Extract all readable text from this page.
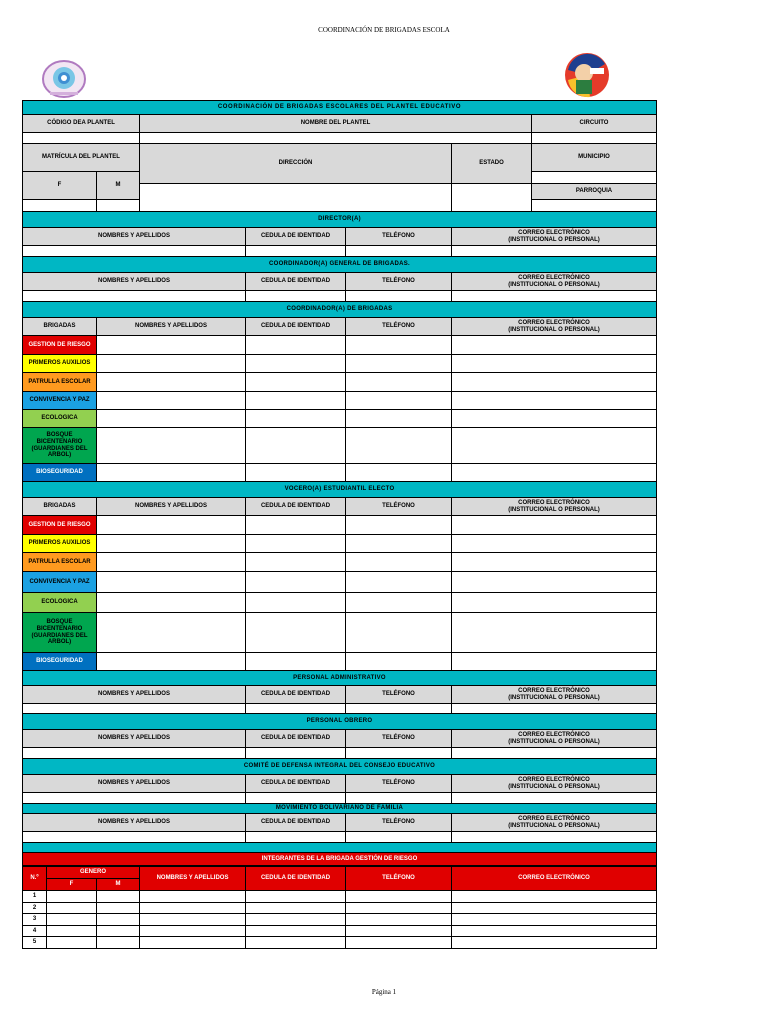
COORDINACIÓN DE BRIGADAS ESCOLA
COORDINACIÓN DE BRIGADAS ESCOLARES DEL PLANTEL EDUCATIVO						
CÓDIGO DEA PLANTEL		NOMBRE DEL PLANTEL				CIRCUITO

MATRÍCULA DEL PLANTEL		DIRECCIÓN			ESTADO	MUNICIPIO
F	M					
						PARROQUIA

DIRECTOR(A)						
NOMBRES Y APELLIDOS			CEDULA DE IDENTIDAD	TELÉFONO	CORREO ELECTRÓNICO
(INSTITUCIONAL O PERSONAL)	

COORDINADOR(A) GENERAL DE BRIGADAS.						
NOMBRES Y APELLIDOS			CEDULA DE IDENTIDAD	TELÉFONO	CORREO ELECTRÓNICO
(INSTITUCIONAL O PERSONAL)	

COORDINADOR(A) DE BRIGADAS						
BRIGADAS	NOMBRES Y APELLIDOS		CEDULA DE IDENTIDAD	TELÉFONO	CORREO ELECTRÓNICO
(INSTITUCIONAL O PERSONAL)	
GESTION DE RIESGO						
PRIMEROS AUXILIOS						
PATRULLA ESCOLAR						
CONVIVENCIA Y PAZ						
ECOLOGICA						
BOSQUE BICENTENARIO (GUARDIANES DEL ARBOL)						
BIOSEGURIDAD						
VOCERO(A) ESTUDIANTIL ELECTO						
BRIGADAS	NOMBRES Y APELLIDOS		CEDULA DE IDENTIDAD	TELÉFONO	CORREO ELECTRÓNICO
(INSTITUCIONAL O PERSONAL)	
GESTION DE RIESGO						
PRIMEROS AUXILIOS						
PATRULLA ESCOLAR						
CONVIVENCIA Y PAZ						
ECOLOGICA						
BOSQUE BICENTENARIO (GUARDIANES DEL ARBOL)						
BIOSEGURIDAD						
PERSONAL ADMINISTRATIVO						
NOMBRES Y APELLIDOS			CEDULA DE IDENTIDAD	TELÉFONO	CORREO ELECTRÓNICO
(INSTITUCIONAL O PERSONAL)	

PERSONAL OBRERO						
NOMBRES Y APELLIDOS			CEDULA DE IDENTIDAD	TELÉFONO	CORREO ELECTRÓNICO
(INSTITUCIONAL O PERSONAL)	

COMITÉ DE DEFENSA INTEGRAL DEL CONSEJO EDUCATIVO						
NOMBRES Y APELLIDOS			CEDULA DE IDENTIDAD	TELÉFONO	CORREO ELECTRÓNICO
(INSTITUCIONAL O PERSONAL)	

MOVIMIENTO BOLIVARIANO DE FAMILIA						
NOMBRES Y APELLIDOS			CEDULA DE IDENTIDAD	TELÉFONO	CORREO ELECTRÓNICO
(INSTITUCIONAL O PERSONAL)	

INTEGRANTES DE LA BRIGADA GESTIÓN DE RIESGO						
N.º	GENERO		NOMBRES Y APELLIDOS	CEDULA DE IDENTIDAD	TELÉFONO	CORREO ELECTRÓNICO
	F	M				
1						
2						
3						
4						
5						
Página 1
